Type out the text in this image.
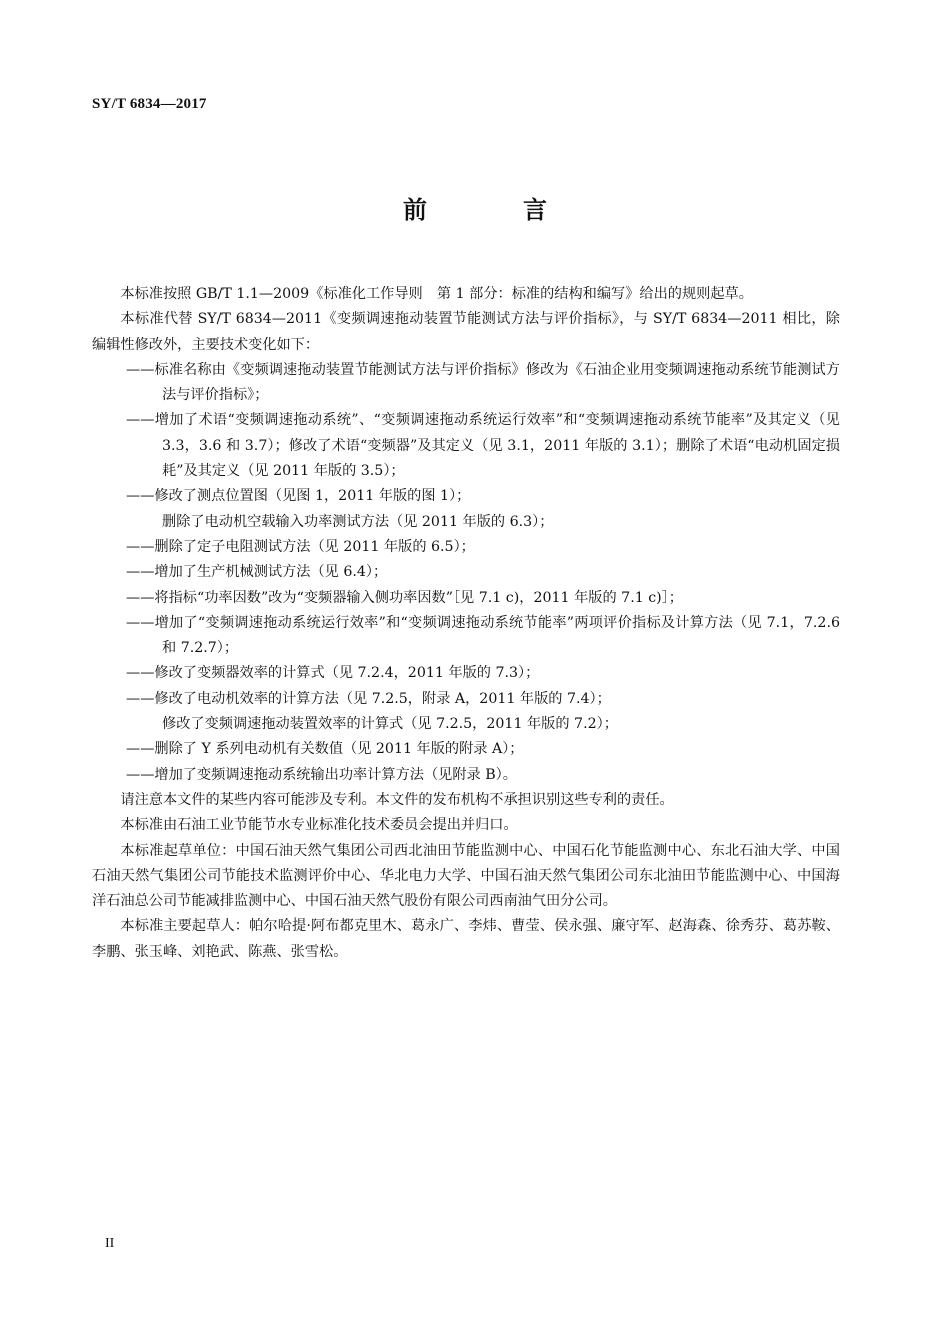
SY/T 6834—2017
前　言

本标准按照 GB/T 1.1—2009《标准化工作导则　第 1 部分：标准的结构和编写》给出的规则起草。

本标准代替 SY/T 6834—2011《变频调速拖动装置节能测试方法与评价指标》，与 SY/T 6834—2011 相比，除编辑性修改外，主要技术变化如下：

——标准名称由《变频调速拖动装置节能测试方法与评价指标》修改为《石油企业用变频调速拖动系统节能测试方法与评价指标》；

——增加了术语“变频调速拖动系统”、“变频调速拖动系统运行效率”和“变频调速拖动系统节能率”及其定义（见 3.3，3.6 和 3.7）；修改了术语“变频器”及其定义（见 3.1，2011 年版的 3.1）；删除了术语“电动机固定损耗”及其定义（见 2011 年版的 3.5）；

——修改了测点位置图（见图 1，2011 年版的图 1）；

删除了电动机空载输入功率测试方法（见 2011 年版的 6.3）；

——删除了定子电阻测试方法（见 2011 年版的 6.5）；

——增加了生产机械测试方法（见 6.4）；

——将指标“功率因数”改为“变频器输入侧功率因数”［见 7.1 c)，2011 年版的 7.1 c)］；

——增加了“变频调速拖动系统运行效率”和“变频调速拖动系统节能率”两项评价指标及计算方法（见 7.1，7.2.6 和 7.2.7）；

——修改了变频器效率的计算式（见 7.2.4，2011 年版的 7.3）；

——修改了电动机效率的计算方法（见 7.2.5，附录 A，2011 年版的 7.4）；

修改了变频调速拖动装置效率的计算式（见 7.2.5，2011 年版的 7.2）；

——删除了 Y 系列电动机有关数值（见 2011 年版的附录 A）；

——增加了变频调速拖动系统输出功率计算方法（见附录 B）。

请注意本文件的某些内容可能涉及专利。本文件的发布机构不承担识别这些专利的责任。

本标准由石油工业节能节水专业标准化技术委员会提出并归口。

本标准起草单位：中国石油天然气集团公司西北油田节能监测中心、中国石化节能监测中心、东北石油大学、中国石油天然气集团公司节能技术监测评价中心、华北电力大学、中国石油天然气集团公司东北油田节能监测中心、中国海洋石油总公司节能减排监测中心、中国石油天然气股份有限公司西南油气田分公司。

本标准主要起草人：帕尔哈提·阿布都克里木、葛永广、李炜、曹莹、侯永强、廉守军、赵海森、徐秀芬、葛苏鞍、李鹏、张玉峰、刘艳武、陈燕、张雪松。

II
